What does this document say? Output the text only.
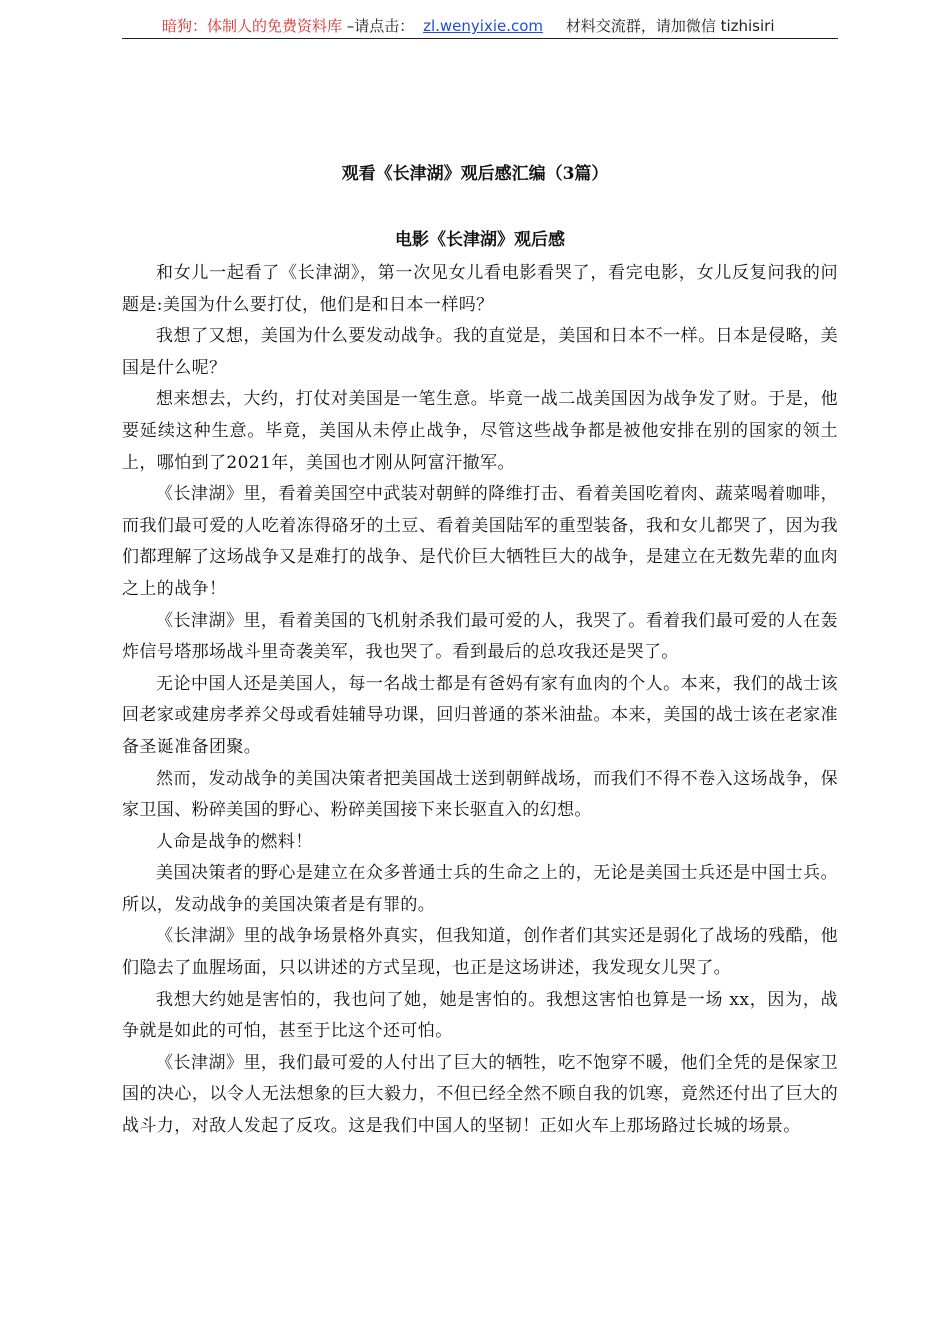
暗狗：体制人的免费资料库 –请点击： zl.wenyixie.com 材料交流群，请加微信 tizhisiri
观看《长津湖》观后感汇编（3篇）
电影《长津湖》观后感

和女儿一起看了《长津湖》，第一次见女儿看电影看哭了，看完电影，女儿反复问我的问题是:美国为什么要打仗，他们是和日本一样吗？

我想了又想，美国为什么要发动战争。我的直觉是，美国和日本不一样。日本是侵略，美国是什么呢？

想来想去，大约，打仗对美国是一笔生意。毕竟一战二战美国因为战争发了财。于是，他要延续这种生意。毕竟，美国从未停止战争，尽管这些战争都是被他安排在别的国家的领土上，哪怕到了2021年，美国也才刚从阿富汗撤军。

《长津湖》里，看着美国空中武装对朝鲜的降维打击、看着美国吃着肉、蔬菜喝着咖啡，而我们最可爱的人吃着冻得硌牙的土豆、看着美国陆军的重型装备，我和女儿都哭了，因为我们都理解了这场战争又是难打的战争、是代价巨大牺牲巨大的战争，是建立在无数先辈的血肉之上的战争！

《长津湖》里，看着美国的飞机射杀我们最可爱的人，我哭了。看着我们最可爱的人在轰炸信号塔那场战斗里奇袭美军，我也哭了。看到最后的总攻我还是哭了。

无论中国人还是美国人，每一名战士都是有爸妈有家有血肉的个人。本来，我们的战士该回老家或建房孝养父母或看娃辅导功课，回归普通的茶米油盐。本来，美国的战士该在老家准备圣诞准备团聚。

然而，发动战争的美国决策者把美国战士送到朝鲜战场，而我们不得不卷入这场战争，保家卫国、粉碎美国的野心、粉碎美国接下来长驱直入的幻想。

人命是战争的燃料！

美国决策者的野心是建立在众多普通士兵的生命之上的，无论是美国士兵还是中国士兵。所以，发动战争的美国决策者是有罪的。

《长津湖》里的战争场景格外真实，但我知道，创作者们其实还是弱化了战场的残酷，他们隐去了血腥场面，只以讲述的方式呈现，也正是这场讲述，我发现女儿哭了。

我想大约她是害怕的，我也问了她，她是害怕的。我想这害怕也算是一场 xx，因为，战争就是如此的可怕，甚至于比这个还可怕。

《长津湖》里，我们最可爱的人付出了巨大的牺牲，吃不饱穿不暖，他们全凭的是保家卫国的决心，以令人无法想象的巨大毅力，不但已经全然不顾自我的饥寒，竟然还付出了巨大的战斗力，对敌人发起了反攻。这是我们中国人的坚韧！正如火车上那场路过长城的场景。
